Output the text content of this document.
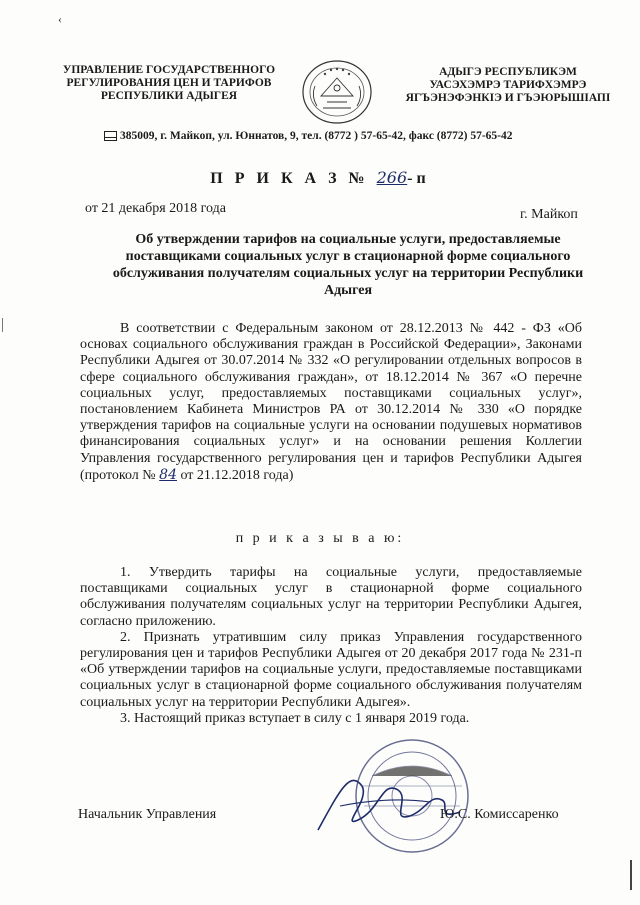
‹
УПРАВЛЕНИЕ ГОСУДАРСТВЕННОГО
РЕГУЛИРОВАНИЯ ЦЕН И ТАРИФОВ
РЕСПУБЛИКИ АДЫГЕЯ
АДЫГЭ РЕСПУБЛИКЭМ
УАСЭХЭМРЭ ТАРИФХЭМРЭ
ЯГЪЭНЭФЭНКІЭ И ГЪЭЮРЫШІАПІ
385009, г. Майкоп, ул. Юннатов, 9, тел. (8772 ) 57-65-42, факс (8772) 57-65-42
П Р И К А З № 266-п
от 21 декабря 2018 года	г. Майкоп
Об утверждении тарифов на социальные услуги, предоставляемые поставщиками социальных услуг в стационарной форме социального обслуживания получателям социальных услуг на территории Республики Адыгея
В соответствии с Федеральным законом от 28.12.2013 № 442 - ФЗ «Об основах социального обслуживания граждан в Российской Федерации», Законами Республики Адыгея от 30.07.2014 № 332 «О регулировании отдельных вопросов в сфере социального обслуживания граждан», от 18.12.2014 № 367 «О перечне социальных услуг, предоставляемых поставщиками социальных услуг», постановлением Кабинета Министров РА от 30.12.2014 № 330 «О порядке утверждения тарифов на социальные услуги на основании подушевых нормативов финансирования социальных услуг» и на основании решения Коллегии Управления государственного регулирования цен и тарифов Республики Адыгея (протокол № 84 от 21.12.2018 года)
п р и к а з ы в а ю:

1. Утвердить тарифы на социальные услуги, предоставляемые поставщиками социальных услуг в стационарной форме социального обслуживания получателям социальных услуг на территории Республики Адыгея, согласно приложению.

2. Признать утратившим силу приказ Управления государственного регулирования цен и тарифов Республики Адыгея от 20 декабря 2017 года № 231-п «Об утверждении тарифов на социальные услуги, предоставляемые поставщиками социальных услуг в стационарной форме социального обслуживания получателям социальных услуг на территории Республики Адыгея».

3. Настоящий приказ вступает в силу с 1 января 2019 года.

Начальник Управления	Ю.С. Комиссаренко
